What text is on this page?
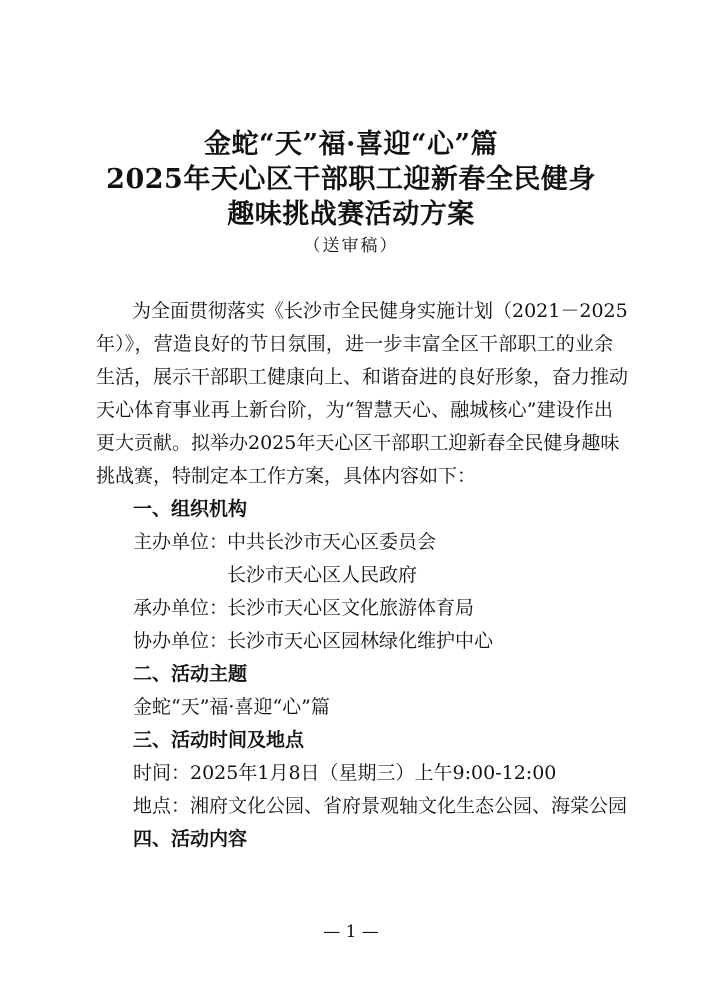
金蛇“天”福·喜迎“心”篇
2025年天心区干部职工迎新春全民健身
趣味挑战赛活动方案
（送审稿）
为全面贯彻落实《长沙市全民健身实施计划（2021－2025
年）》，营造良好的节日氛围，进一步丰富全区干部职工的业余
生活，展示干部职工健康向上、和谐奋进的良好形象，奋力推动
天心体育事业再上新台阶，为“智慧天心、融城核心”建设作出
更大贡献。拟举办2025年天心区干部职工迎新春全民健身趣味
挑战赛，特制定本工作方案，具体内容如下：
一、组织机构
主办单位：
中共长沙市天心区委员会
长沙市天心区人民政府
承办单位：
长沙市天心区文化旅游体育局
协办单位：
长沙市天心区园林绿化维护中心
二、活动主题
金蛇“天”福·喜迎“心”篇
三、活动时间及地点
时间：2025年1月8日（星期三）上午9:00-12:00
地点：湘府文化公园、省府景观轴文化生态公园、海棠公园
四、活动内容
— 1 —
